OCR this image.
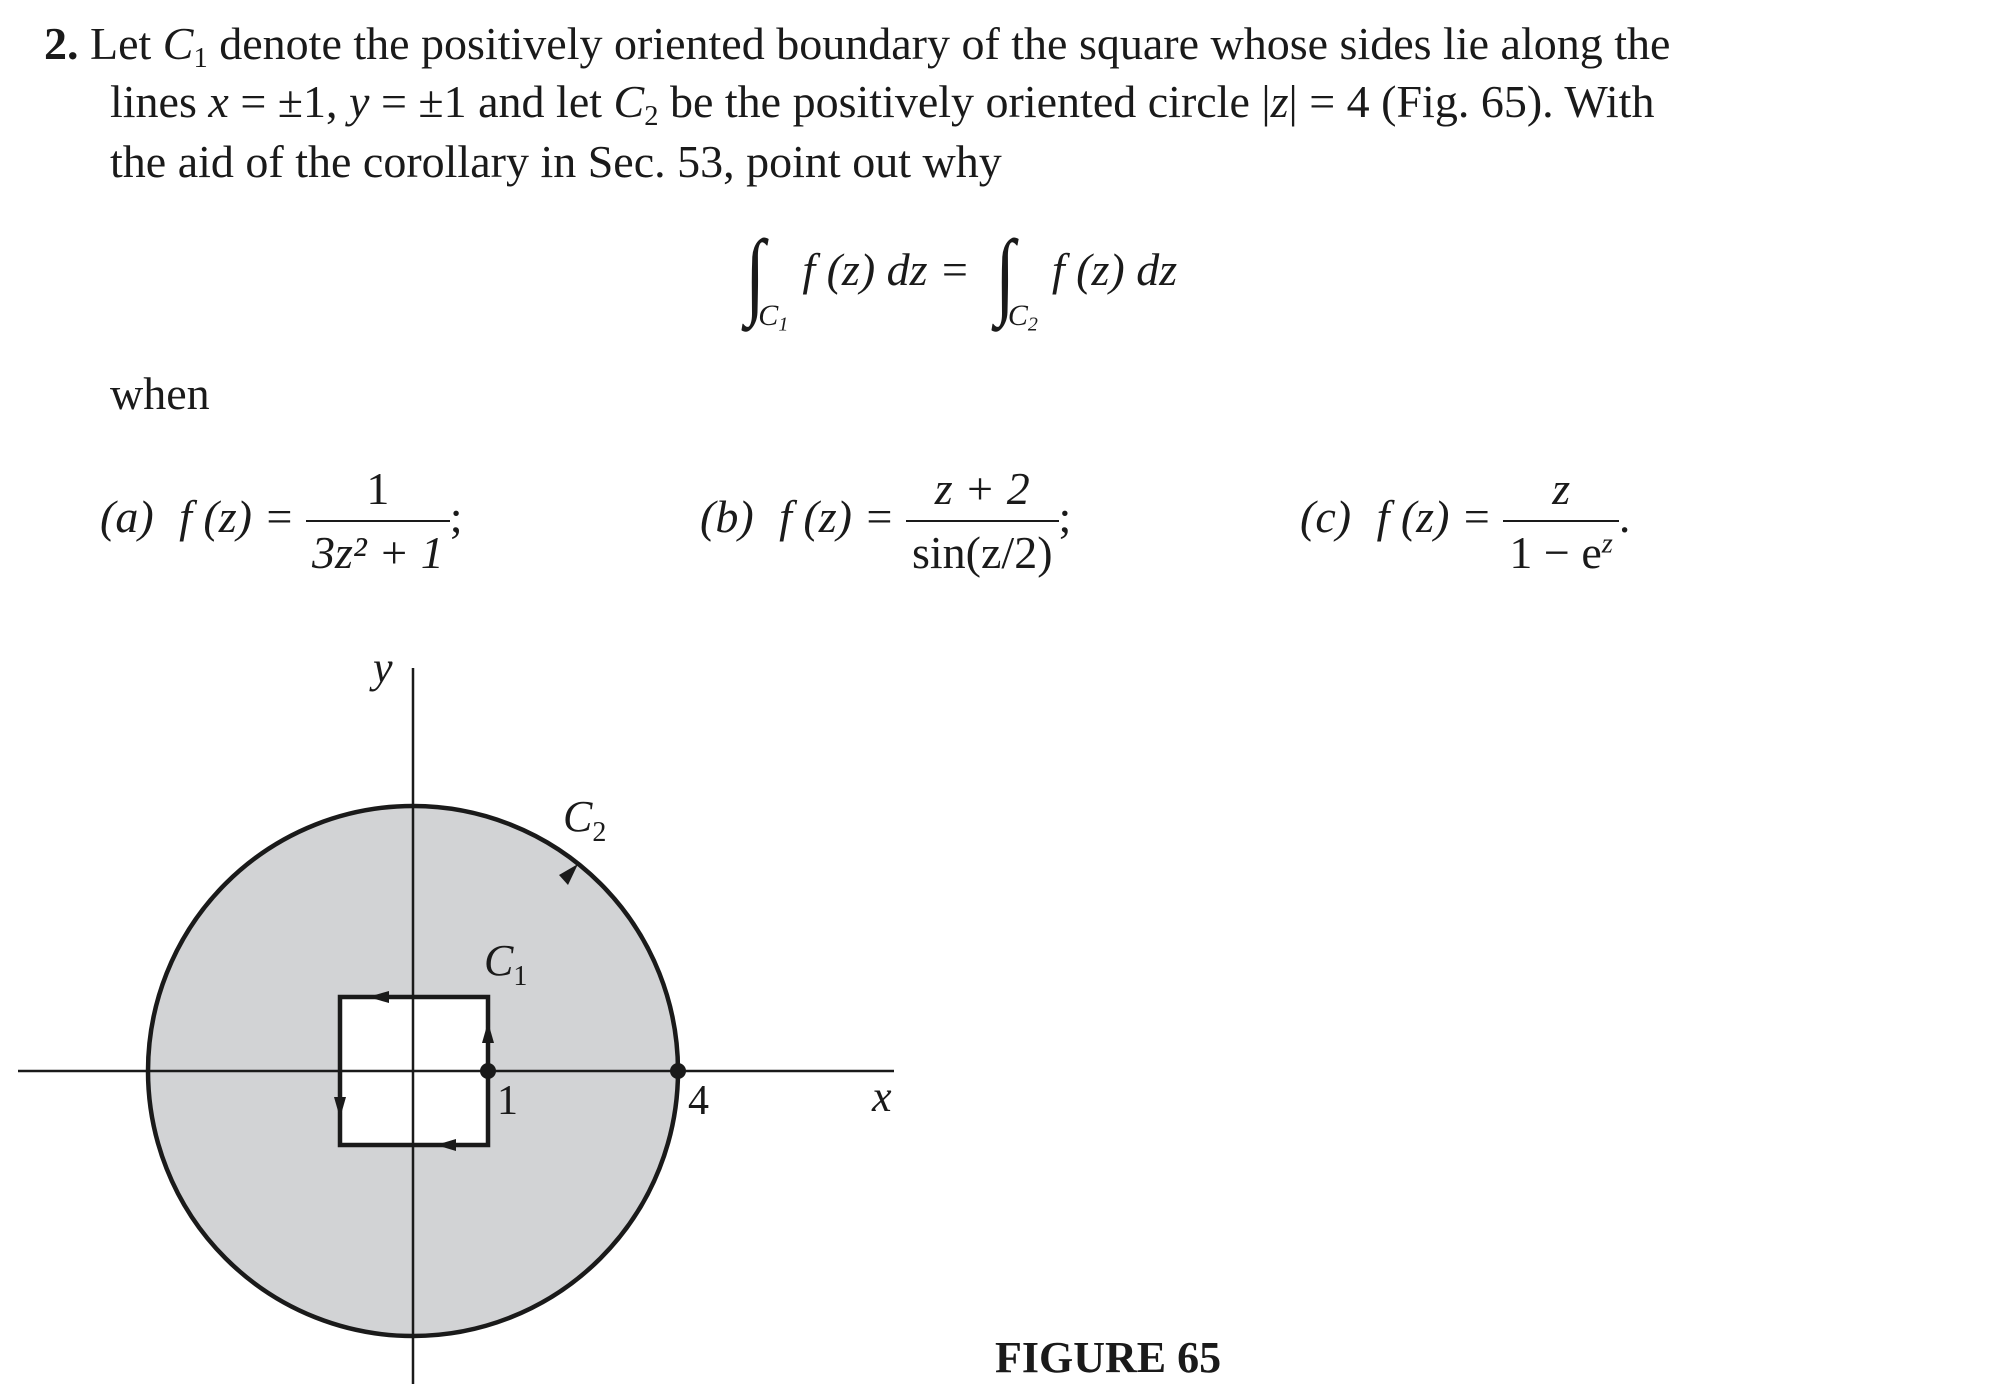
2. Let $C_1$ denote the positively oriented boundary of the square whose sides lie along the
lines x = ±1, y = ±1 and let $C_2$ be the positively oriented circle |z| = 4 (Fig. 65). With
the aid of the corollary in Sec. 53, point out why
$\int_{C_1}f$ (z) dz = $\int_{C_2}f$ (z) dz
when
(a) f $(z) = \frac{1}{\text{3z² + 1}}$ ;	(b) f $(z) = \frac{z + 2}{\sin(z/2)}$ ;	(c) f $(z) = \frac{z}{1 - e^z}$ .
y
x
1	4
$C_2$
$C_1$
FIGURE 65
